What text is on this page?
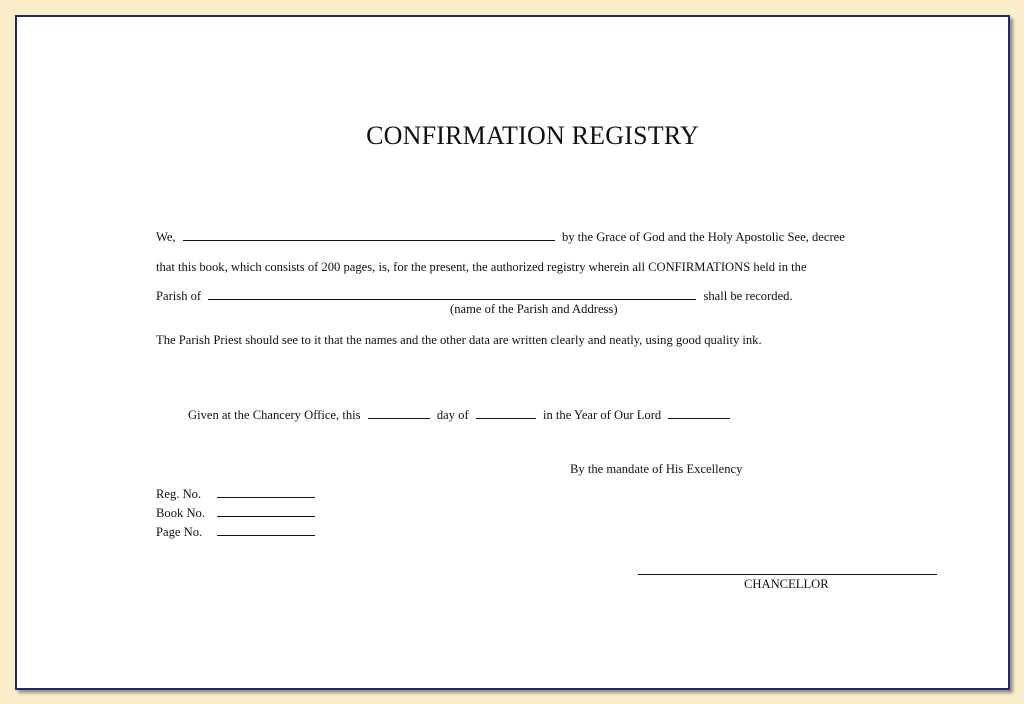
CONFIRMATION REGISTRY
We,	by the Grace of God and the Holy Apostolic See, decree
that this book, which consists of 200 pages, is, for the present, the authorized registry wherein all CONFIRMATIONS held in the
Parish of	shall be recorded.
(name of the Parish and Address)
The Parish Priest should see to it that the names and the other data are written clearly and neatly, using good quality ink.
Given at the Chancery Office, this	day of	in the Year of Our Lord
By the mandate of His Excellency
Reg. No.
Book No.
Page No.
CHANCELLOR
